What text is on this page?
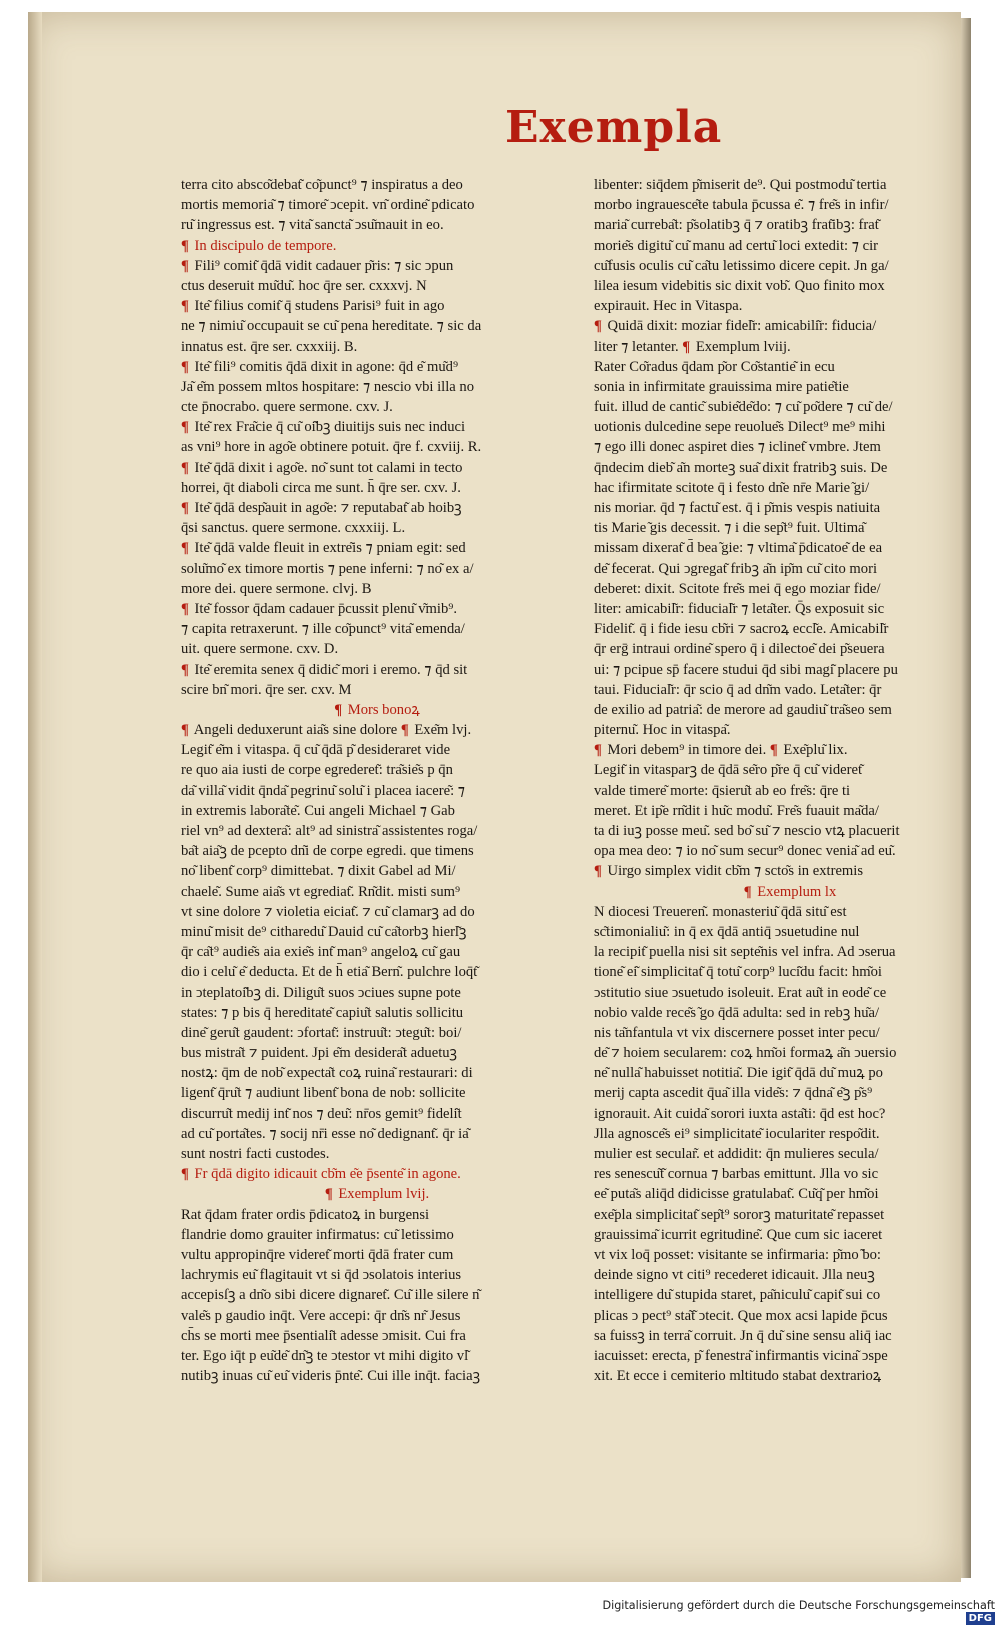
Exempla
terra cito absco͂debat͂ co͂punct⁹ ⁊ inspiratus a deo
mortis memoria͂ ⁊ timore͂ ↄcepit. vn͂ ordine͂ pdicato
ru͂ ingressus est. ⁊ vita͂ sancta͂ ↄsu͂mauit in eo.
¶ In discipulo de tempore.
¶ Fili⁹ comit͂ q̄dā vidit cadauer p͂ris: ⁊ sic ↄpun
ctus deseruit mu͂du͂. hoc q̄re ser. cxxxvj. N
¶ Ite͂ filius comit͂ q̄ studens Parisi⁹ fuit in ago
ne ⁊ nimiu͂ occupauit se cu͂ pena hereditate. ⁊ sic da
innatus est. q̄re ser. cxxxiij. B.
¶ Ite͂ fili⁹ comitis q̄dā dixit in agone: q̄d e͂ mu͂d⁹
Ja͂ e͂m possem mltos hospitare: ⁊ nescio vbi illa no
cte p̄nocrabo. quere sermone. cxv. J.
¶ Ite͂ rex Fra͂cie q̄ cu͂ oi͂bꝫ diuitijs suis nec induci
as vni⁹ hore in ago͂e obtinere potuit. q̄re f. cxviij. R.
¶ Ite͂ q̄dā dixit i ago͂e. no͂ sunt tot calami in tecto
horrei, q̄t diaboli circa me sunt. h̄ q̄re ser. cxv. J.
¶ Ite͂ q̄dā desp͂auit in ago͂e: ⁊ reputabat͂ ab hoibꝫ
q̄si sanctus. quere sermone. cxxxiij. L.
¶ Ite͂ q̄dā valde fleuit in extre͂is ⁊ pniam egit: sed
solu͂mo͂ ex timore mortis ⁊ pene inferni: ⁊ no͂ ex a/
more dei. quere sermone. clvj. B
¶ Ite͂ fossor q̄dam cadauer p̄cussit plenu͂ v͂mib⁹.
⁊ capita retraxerunt. ⁊ ille co͂punct⁹ vita͂ emenda/
uit. quere sermone. cxv. D.
¶ Ite͂ eremita senex q̄ didic͂ mori i eremo. ⁊ q̄d sit
scire bn͂ mori. q̄re ser. cxv. M
¶ Mors bonoꝝ
¶ Angeli deduxerunt aia͂s sine dolore ¶ Exe͂m lvj.
Legit͂ e͂m i vitaspa. q̄ cu͂ q̄dā p͂ desideraret vide
re quo aia iusti de corpe egrederet͂: tra͂sie͂s p q̄n
da͂ villa͂ vidit q̄nda͂ pegrinu͂ solu͂ i placea iacere͂: ⁊
in extremis labora͂te͂. Cui angeli Michael ⁊ Gab
riel vn⁹ ad dextera͂: alt⁹ ad sinistra͂ assistentes roga/
ba͂t aia͂ꝫ de pcepto dn͂i de corpe egredi. que timens
no͂ libent͂ corp⁹ dimittebat. ⁊ dixit Gabel ad Mi/
chaele͂. Sume aia͂s vt egrediat͂. Rn͂dit. misti sum⁹
vt sine dolore ⁊ violetia eiciat͂. ⁊ cu͂ clamarꝫ ad do
minu͂ misit de⁹ citharedu͂ Dauid cu͂ ca͂torbꝫ hierl͂ꝫ
q̄r ca͂t⁹ audie͂s aia exie͂s int͂ man⁹ angeloꝝ cu͂ gau
dio i celu͂ e͂ deducta. Et de h̄ etia͂ Bern͂. pulchre loq̄t͂
in ↄteplatoi͂bꝫ di. Diligu͂t suos ↄciues supne pote
states: ⁊ p bis q̄ hereditate͂ capiu͂t salutis sollicitu
dine͂ geru͂t gaudent: ↄfortat͂: instruu͂t: ↄtegu͂t: boi/
bus mistra͂t ⁊ puident. Jpi e͂m desidera͂t aduetuꝫ
nostꝝ: q̄m de nob͂ expecta͂t coꝝ ruina͂ restaurari: di
ligent͂ q̄ru͂t ⁊ audiunt libent͂ bona de nob: sollicite
discurru͂t medij int͂ nos ⁊ deu͂: nr̄os gemit⁹ fideli͂t
ad cu͂ porta͂tes. ⁊ socij nr̄i esse no͂ dedignant͂. q̄r ia͂
sunt nostri facti custodes.
¶ Fr q̄dā digito idicauit cb͂m e͂e p̄sente͂ in agone.
¶ Exemplum lvij.
Rat q̄dam frater ordis p̄dicatoꝝ in burgensi
flandrie domo grauiter infirmatus: cu͂ letissimo
vultu appropinq̄re videret͂ morti q̄dā frater cum
lachrymis eu͂ flagitauit vt si q̄d ↄsolatois interius
accepisſꝫ a dn͂o sibi dicere dignaret͂. Cu͂ ille silere n͂
vale͂s p gaudio inq̄t. Vere accepi: q̄r dn͂s nr͂ Jesus
ch̄s se morti mee p̄sentiali͂t adesse ↄmisit. Cui fra
ter. Ego iq̄t p eu͂de͂ dn͂ꝫ te ↄtestor vt mihi digito vl͂
nutibꝫ inuas cu͂ eu͂ videris p̄nte͂. Cui ille inq̄t. faciaꝫ
libenter: siq̄dem p͂miserit de⁹. Qui postmodu͂ tertia
morbo ingrauesce͂te tabula p̄cussa e͂. ⁊ fre͂s in infir/
maria͂ curreba͂t: p͂solatibꝫ q̄ ⁊ oratibꝫ frat͂ibꝫ: frat͂
morie͂s digitu͂ cu͂ manu ad certu͂ loci extedit: ⁊ cir
cu͂fusis oculis cu͂ ca͂tu letissimo dicere cepit. Jn ga/
lilea iesum videbitis sic dixit vob͂. Quo finito mox
expirauit. Hec in Vitaspa.
¶ Quidā dixit: moziar fidel͂r: amicabili͂r: fiducia/
liter ⁊ letanter. ¶ Exemplum lviij.
Rater Co͂radus q̄dam p͂or Co͂stantie͂ in ecu
sonia in infirmitate grauissima mire patie͂tie
fuit. illud de cantic͂ subie͂de͂do: ⁊ cu͂ po͂dere ⁊ cu͂ de/
uotionis dulcedine sepe reuolue͂s Dilect⁹ me⁹ mihi
⁊ ego illi donec aspiret dies ⁊ iclinet͂ vmbre. Jtem
q̄ndecim dieb͂ a͂n morteꝫ sua͂ dixit fratribꝫ suis. De
hac ifirmitate scitote q̄ i festo dn͂e nr̄e Marie ͂gi/
nis moriar. q̄d ⁊ factu͂ est. q̄ i p͂mis vespis natiuita
tis Marie ͂gis decessit. ⁊ i die sep͂t⁹ fuit. Ultima͂
missam dixerat͂ d̄ bea ͂gie: ⁊ vltima͂ p̄dicatoe͂ de ea
de͂ fecerat. Qui ↄgregat͂ fribꝫ a͂n ip͂m cu͂ cito mori
deberet: dixit. Scitote fre͂s mei q̄ ego moziar fide/
liter: amicabil͂r: fiducial͂r ⁊ leta͂ter. Q̄s exposuit sic
Fidelit͂. q̄ i fide iesu cb͂ri ⁊ sacroꝝ eccl͂e. Amicabil͂r
q̄r erḡ intraui ordine͂ spero q̄ i dilectoe͂ dei p͂seuera
ui: ⁊ pcipue sp̄ facere studui q̄d sibi magi͂ placere pu
taui. Fiducial͂r: q̄r scio q̄ ad dn͂m vado. Leta͂ter: q̄r
de exilio ad patria͂: de merore ad gaudiu͂ tra͂seo sem
piternu͂. Hoc in vitaspa͂.
¶ Mori debem⁹ in timore dei. ¶ Exe͂plu͂ lix.
Legit͂ in vitasparꝫ de q̄dā se͂ro p͂re q̄ cu͂ videret͂
valde timere͂ morte: q̄sieru͂t ab eo fre͂s: q̄re ti
meret. Et ip͂e rn͂dit i hu͂c modu͂. Fre͂s fuauit ma͂da/
ta di iuꝫ posse meu͂. sed bo͂ su͂ ⁊ nescio vtꝝ placuerit
opa mea deo: ⁊ io no͂ sum secur⁹ donec venia͂ ad eu͂.
¶ Uirgo simplex vidit cb͂m ⁊ scto͂s in extremis
¶ Exemplum lx
N diocesi Treueren͂. monasteriu͂ q̄dā situ͂ est
sc͂timonialiu͂: in q̄ ex q̄dā antiq̄ ↄsuetudine nul
la recipit͂ puella nisi sit septe͂nis vel infra. Ad ↄserua
tione͂ ei͂ simplicitat͂ q̄ totu͂ corp⁹ luci͂du facit: hm͂oi
ↄstitutio siue ↄsuetudo isoleuit. Erat au͂t in eode͂ ce
nobio valde rece͂s ͂go q̄dā adulta: sed in rebꝫ hu͂a/
nis ta͂nfantula vt vix discernere posset inter pecu/
de͂ ⁊ hoiem secularem: coꝝ hm͂oi formaꝝ a͂n ↄuersio
ne͂ nulla͂ habuisset notitia͂. Die igit͂ q̄dā du͂ muꝝ po
merij capta ascedit q̄ua͂ illa vide͂s: ⁊ q̄dna͂ e͂ꝫ p͂s⁹
ignorauit. Ait cuida͂ sorori iuxta asta͂ti: q̄d est hoc?
Jlla agnosce͂s ei⁹ simplicitate͂ ioculariter respo͂dit.
mulier est secular͂. et addidit: q̄n mulieres secula/
res senescu͂t͂ cornua ⁊ barbas emittunt. Jlla vo sic
ee͂ puta͂s aliq̄d didicisse gratulabat͂. Cu͂q͂ per hm͂oi
exe͂pla simplicitat͂ sep͂t⁹ sororꝫ maturitate͂ repasset
grauissima͂ icurrit egritudine͂. Que cum sic iaceret
vt vix loq̄ posset: visitante se infirmaria: p͂mo ͂bo:
deinde signo vt citi⁹ recederet idicauit. Jlla neuꝫ
intelligere du͂ stupida staret, pa͂niculu͂ capit͂ sui co
plicas ↄ pect⁹ sta͂t͂ ↄtecit. Que mox acsi lapide p̄cus
sa fuissꝫ in terra͂ corruit. Jn q̄ du͂ sine sensu aliq̄ iac
iacuisset: erecta, p͂ fenestra͂ infirmantis vicina͂ ↄspe
xit. Et ecce i cemiterio mltitudo stabat dextrarioꝝ
Digitalisierung gefördert durch die Deutsche Forschungsgemeinschaft DFG
